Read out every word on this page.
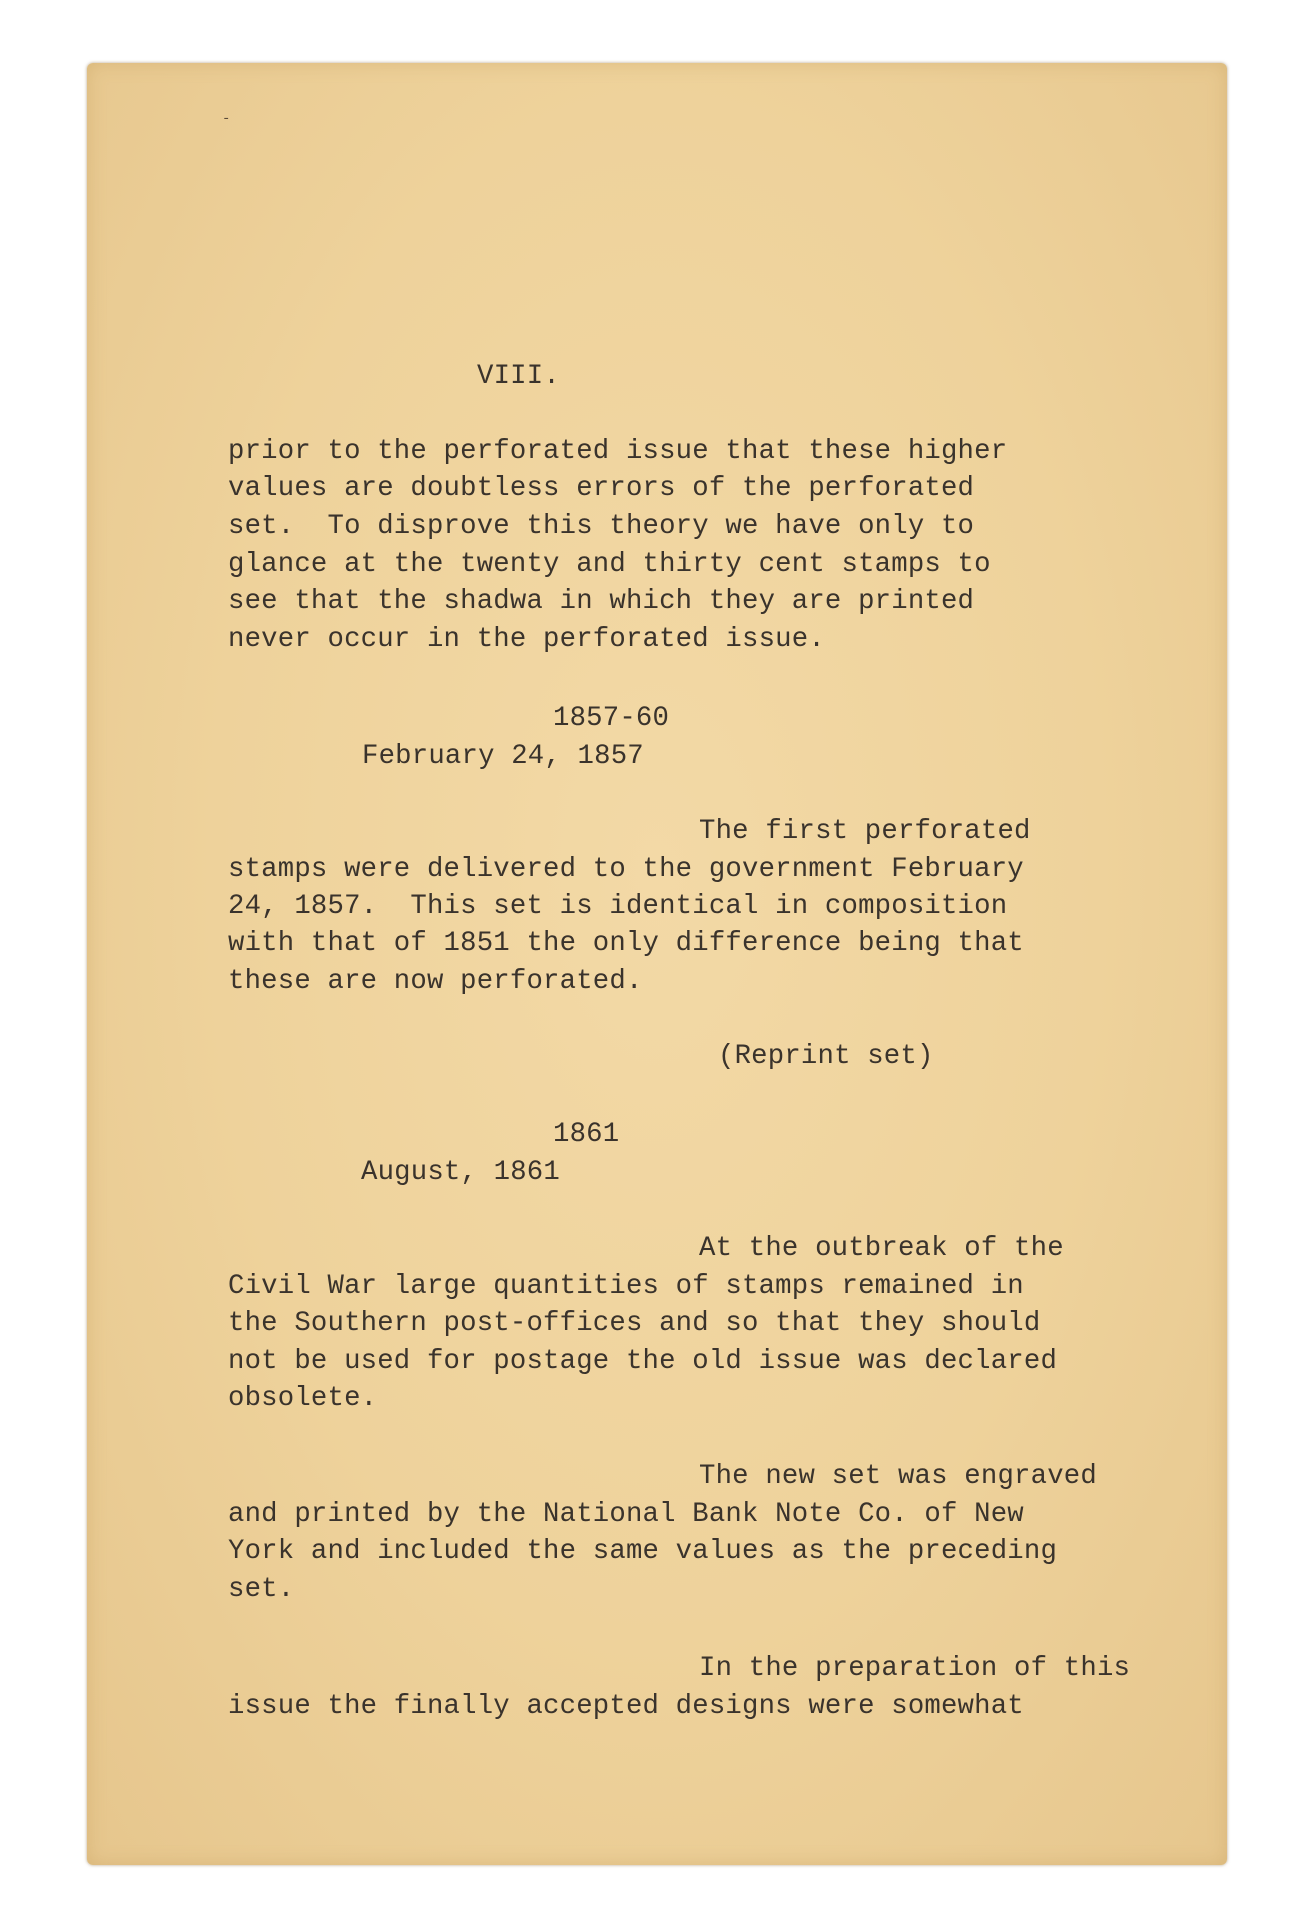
-
VIII.
prior to the perforated issue that these higher
values are doubtless errors of the perforated
set.  To disprove this theory we have only to
glance at the twenty and thirty cent stamps to
see that the shadwa in which they are printed
never occur in the perforated issue.
1857-60
February 24, 1857
The first perforated
stamps were delivered to the government February
24, 1857.  This set is identical in composition
with that of 1851 the only difference being that
these are now perforated.
(Reprint set)
1861
August, 1861
At the outbreak of the
Civil War large quantities of stamps remained in
the Southern post-offices and so that they should
not be used for postage the old issue was declared
obsolete.
The new set was engraved
and printed by the National Bank Note Co. of New
York and included the same values as the preceding
set.
In the preparation of this
issue the finally accepted designs were somewhat
